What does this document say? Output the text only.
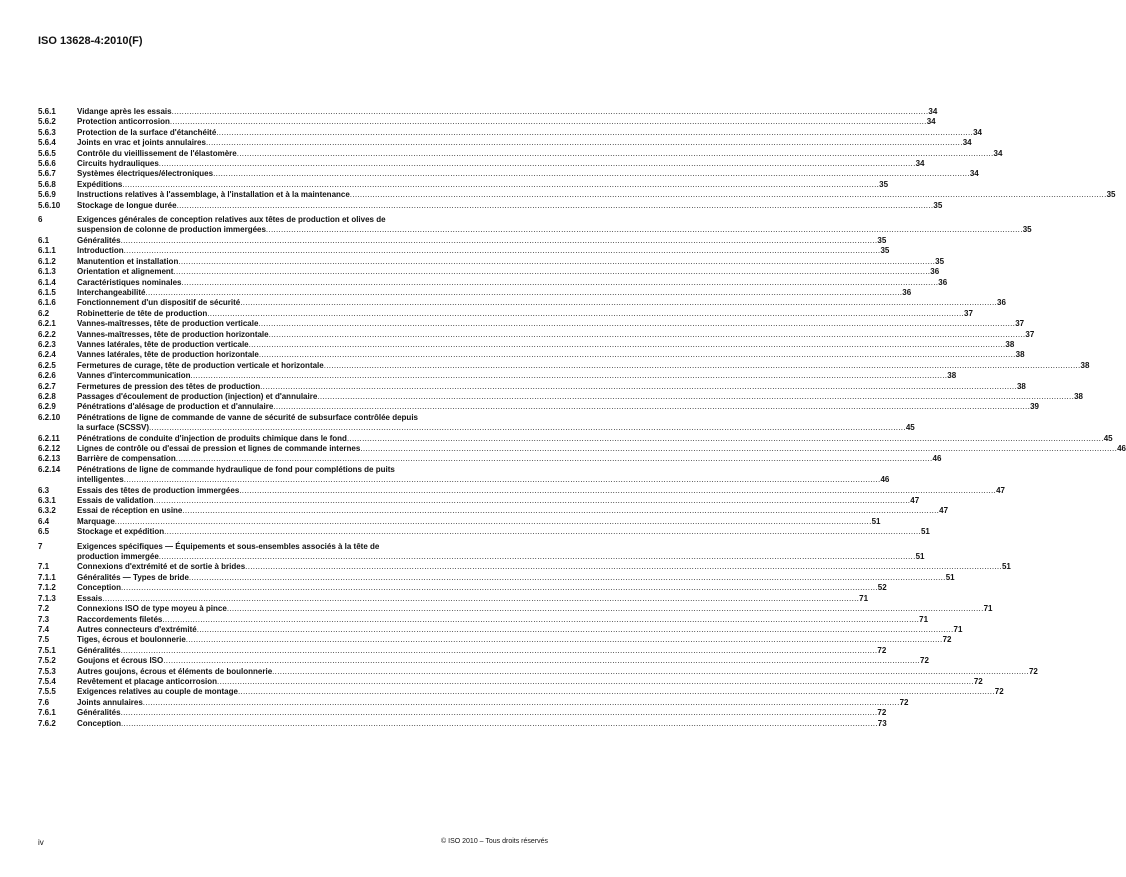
ISO 13628-4:2010(F)
5.6.1	Vidange après les essais ............................................................................................................................................................................................................................................................................................................ 34
5.6.2	Protection anticorrosion ............................................................................................................................................................................................................................................................................................................ 34
5.6.3	Protection de la surface d'étanchéité ............................................................................................................................................................................................................................................................................................................ 34
5.6.4	Joints en vrac et joints annulaires ............................................................................................................................................................................................................................................................................................................ 34
5.6.5	Contrôle du vieillissement de l'élastomère ............................................................................................................................................................................................................................................................................................................ 34
5.6.6	Circuits hydrauliques ............................................................................................................................................................................................................................................................................................................ 34
5.6.7	Systèmes électriques/électroniques ............................................................................................................................................................................................................................................................................................................ 34
5.6.8	Expéditions ............................................................................................................................................................................................................................................................................................................ 35
5.6.9	Instructions relatives à l'assemblage, à l'installation et à la maintenance ............................................................................................................................................................................................................................................................................................................ 35
5.6.10	Stockage de longue durée ............................................................................................................................................................................................................................................................................................................ 35
6	Exigences générales de conception relatives aux têtes de production et olives de
suspension de colonne de production immergées ............................................................................................................................................................................................................................................................................................................ 35
6.1	Généralités ............................................................................................................................................................................................................................................................................................................ 35
6.1.1	Introduction ............................................................................................................................................................................................................................................................................................................ 35
6.1.2	Manutention et installation ............................................................................................................................................................................................................................................................................................................ 35
6.1.3	Orientation et alignement ............................................................................................................................................................................................................................................................................................................ 36
6.1.4	Caractéristiques nominales ............................................................................................................................................................................................................................................................................................................ 36
6.1.5	Interchangeabilité ............................................................................................................................................................................................................................................................................................................ 36
6.1.6	Fonctionnement d'un dispositif de sécurité ............................................................................................................................................................................................................................................................................................................ 36
6.2	Robinetterie de tête de production ............................................................................................................................................................................................................................................................................................................ 37
6.2.1	Vannes-maîtresses, tête de production verticale ............................................................................................................................................................................................................................................................................................................ 37
6.2.2	Vannes-maîtresses, tête de production horizontale ............................................................................................................................................................................................................................................................................................................ 37
6.2.3	Vannes latérales, tête de production verticale ............................................................................................................................................................................................................................................................................................................ 38
6.2.4	Vannes latérales, tête de production horizontale ............................................................................................................................................................................................................................................................................................................ 38
6.2.5	Fermetures de curage, tête de production verticale et horizontale ............................................................................................................................................................................................................................................................................................................ 38
6.2.6	Vannes d'intercommunication ............................................................................................................................................................................................................................................................................................................ 38
6.2.7	Fermetures de pression des têtes de production ............................................................................................................................................................................................................................................................................................................ 38
6.2.8	Passages d'écoulement de production (injection) et d'annulaire ............................................................................................................................................................................................................................................................................................................ 38
6.2.9	Pénétrations d'alésage de production et d'annulaire ............................................................................................................................................................................................................................................................................................................ 39
6.2.10	Pénétrations de ligne de commande de vanne de sécurité de subsurface contrôlée depuis
la surface (SCSSV) ............................................................................................................................................................................................................................................................................................................ 45
6.2.11	Pénétrations de conduite d'injection de produits chimique dans le fond ............................................................................................................................................................................................................................................................................................................ 45
6.2.12	Lignes de contrôle ou d'essai de pression et lignes de commande internes ............................................................................................................................................................................................................................................................................................................ 46
6.2.13	Barrière de compensation ............................................................................................................................................................................................................................................................................................................ 46
6.2.14	Pénétrations de ligne de commande hydraulique de fond pour complétions de puits
intelligentes ............................................................................................................................................................................................................................................................................................................ 46
6.3	Essais des têtes de production immergées ............................................................................................................................................................................................................................................................................................................ 47
6.3.1	Essais de validation ............................................................................................................................................................................................................................................................................................................ 47
6.3.2	Essai de réception en usine ............................................................................................................................................................................................................................................................................................................ 47
6.4	Marquage ............................................................................................................................................................................................................................................................................................................ 51
6.5	Stockage et expédition ............................................................................................................................................................................................................................................................................................................ 51
7	Exigences spécifiques — Équipements et sous-ensembles associés à la tête de
production immergée ............................................................................................................................................................................................................................................................................................................ 51
7.1	Connexions d'extrémité et de sortie à brides ............................................................................................................................................................................................................................................................................................................ 51
7.1.1	Généralités — Types de bride ............................................................................................................................................................................................................................................................................................................ 51
7.1.2	Conception ............................................................................................................................................................................................................................................................................................................ 52
7.1.3	Essais ............................................................................................................................................................................................................................................................................................................ 71
7.2	Connexions ISO de type moyeu à pince ............................................................................................................................................................................................................................................................................................................ 71
7.3	Raccordements filetés ............................................................................................................................................................................................................................................................................................................ 71
7.4	Autres connecteurs d'extrémité ............................................................................................................................................................................................................................................................................................................ 71
7.5	Tiges, écrous et boulonnerie ............................................................................................................................................................................................................................................................................................................ 72
7.5.1	Généralités ............................................................................................................................................................................................................................................................................................................ 72
7.5.2	Goujons et écrous ISO ............................................................................................................................................................................................................................................................................................................ 72
7.5.3	Autres goujons, écrous et éléments de boulonnerie ............................................................................................................................................................................................................................................................................................................ 72
7.5.4	Revêtement et placage anticorrosion ............................................................................................................................................................................................................................................................................................................ 72
7.5.5	Exigences relatives au couple de montage ............................................................................................................................................................................................................................................................................................................ 72
7.6	Joints annulaires ............................................................................................................................................................................................................................................................................................................ 72
7.6.1	Généralités ............................................................................................................................................................................................................................................................................................................ 72
7.6.2	Conception ............................................................................................................................................................................................................................................................................................................ 73
iv	© ISO 2010 – Tous droits réservés
